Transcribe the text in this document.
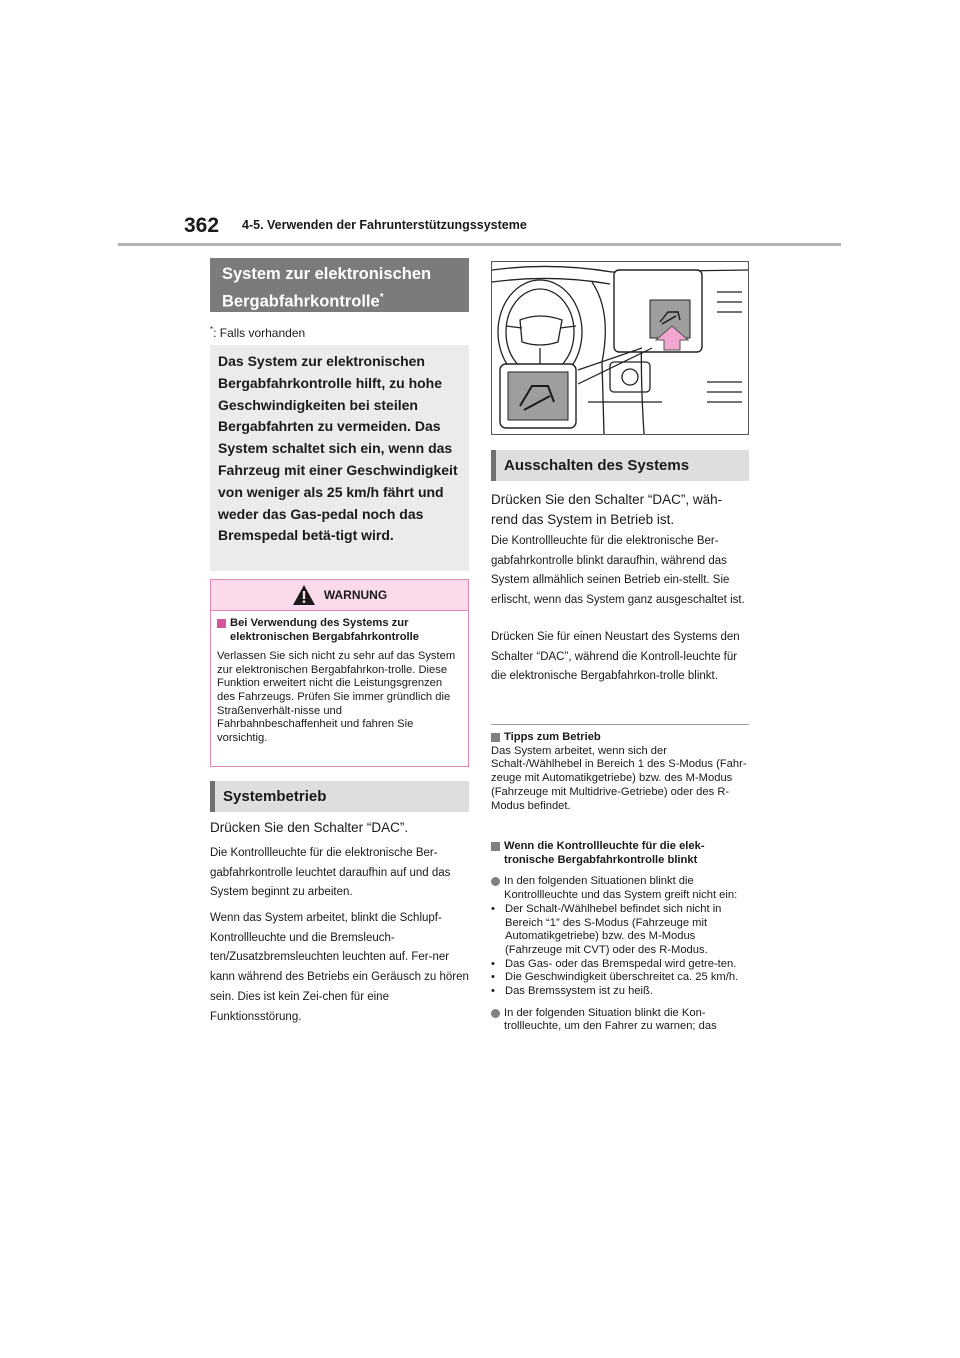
362 4-5. Verwenden der Fahrunterstützungssysteme
System zur elektronischen Bergabfahrkontrolle*
*: Falls vorhanden
Das System zur elektronischen Bergabfahrkontrolle hilft, zu hohe Geschwindigkeiten bei steilen Bergabfahrten zu vermeiden. Das System schaltet sich ein, wenn das Fahrzeug mit einer Geschwindigkeit von weniger als 25 km/h fährt und weder das Gas-pedal noch das Bremspedal betä-tigt wird.
WARNUNG
Bei Verwendung des Systems zur elektronischen Bergabfahrkontrolle
Verlassen Sie sich nicht zu sehr auf das System zur elektronischen Bergabfahrkon-trolle. Diese Funktion erweitert nicht die Leistungsgrenzen des Fahrzeugs. Prüfen Sie immer gründlich die Straßenverhält-nisse und Fahrbahnbeschaffenheit und fahren Sie vorsichtig.
Systembetrieb
Drücken Sie den Schalter “DAC”.
Die Kontrollleuchte für die elektronische Ber-gabfahrkontrolle leuchtet daraufhin auf und das System beginnt zu arbeiten.
Wenn das System arbeitet, blinkt die Schlupf-Kontrollleuchte und die Bremsleuch-ten/Zusatzbremsleuchten leuchten auf. Fer-ner kann während des Betriebs ein Geräusch zu hören sein. Dies ist kein Zei-chen für eine Funktionsstörung.
Ausschalten des Systems
Drücken Sie den Schalter “DAC”, wäh-rend das System in Betrieb ist.
Die Kontrollleuchte für die elektronische Ber-gabfahrkontrolle blinkt daraufhin, während das System allmählich seinen Betrieb ein-stellt. Sie erlischt, wenn das System ganz ausgeschaltet ist.
Drücken Sie für einen Neustart des Systems den Schalter “DAC”, während die Kontroll-leuchte für die elektronische Bergabfahrkon-trolle blinkt.
Tipps zum Betrieb
Das System arbeitet, wenn sich der Schalt-/Wählhebel in Bereich 1 des S-Modus (Fahr-zeuge mit Automatikgetriebe) bzw. des M-Modus (Fahrzeuge mit Multidrive-Getriebe) oder des R-Modus befindet.
Wenn die Kontrollleuchte für die elek-tronische Bergabfahrkontrolle blinkt
In den folgenden Situationen blinkt die Kontrollleuchte und das System greift nicht ein:
• Der Schalt-/Wählhebel befindet sich nicht in Bereich “1” des S-Modus (Fahrzeuge mit Automatikgetriebe) bzw. des M-Modus (Fahrzeuge mit CVT) oder des R-Modus.
• Das Gas- oder das Bremspedal wird getre-ten.
• Die Geschwindigkeit überschreitet ca. 25 km/h.
• Das Bremssystem ist zu heiß.
In der folgenden Situation blinkt die Kon-trollleuchte, um den Fahrer zu warnen; das
